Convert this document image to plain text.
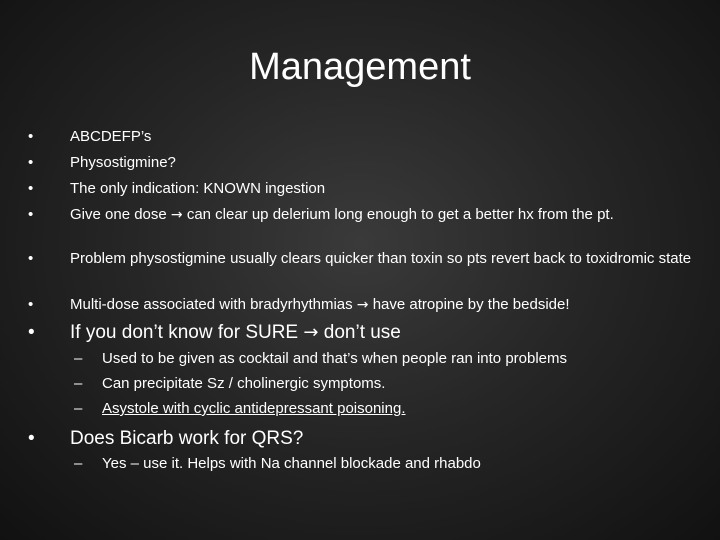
Management
•	ABCDEFP’s
•	Physostigmine?
•	The only indication: KNOWN ingestion
•	Give one dose → can clear up delerium long enough to get a better hx from the pt.
•	Problem physostigmine usually clears quicker than toxin so pts revert back to toxidromic state
•	Multi-dose associated with bradyrhythmias → have atropine by the bedside!
•	If you don’t know for SURE → don’t use
–	Used to be given as cocktail and that’s when people ran into problems
–	Can precipitate Sz / cholinergic symptoms.
–	Asystole with cyclic antidepressant poisoning.
•	Does Bicarb work for QRS?
–	Yes – use it. Helps with Na channel blockade and rhabdo
